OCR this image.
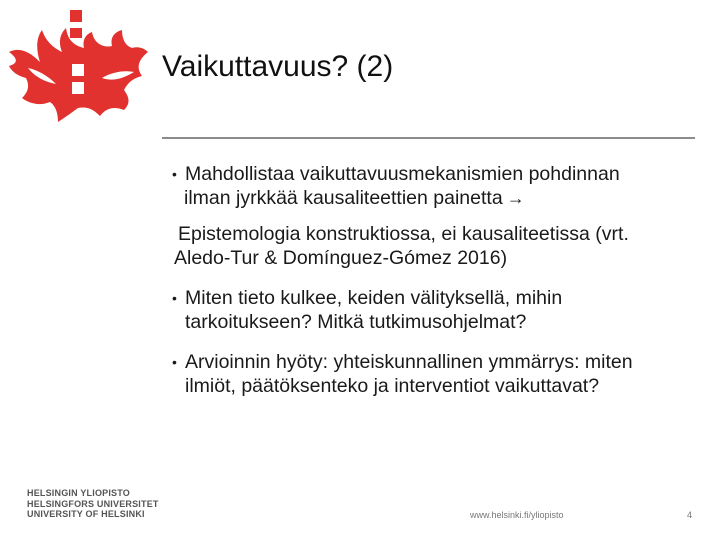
Vaikuttavuus? (2)
• Mahdollistaa vaikuttavuusmekanismien pohdinnan
ilman jyrkkää kausaliteettien painetta →
Epistemologia konstruktiossa, ei kausaliteetissa (vrt.
Aledo-Tur & Domínguez-Gómez 2016)
• Miten tieto kulkee, keiden välityksellä, mihin
tarkoitukseen? Mitkä tutkimusohjelmat?
• Arvioinnin hyöty: yhteiskunnallinen ymmärrys: miten
ilmiöt, päätöksenteko ja interventiot vaikuttavat?
HELSINGIN YLIOPISTO
HELSINGFORS UNIVERSITET
UNIVERSITY OF HELSINKI	www.helsinki.fi/yliopisto	4
